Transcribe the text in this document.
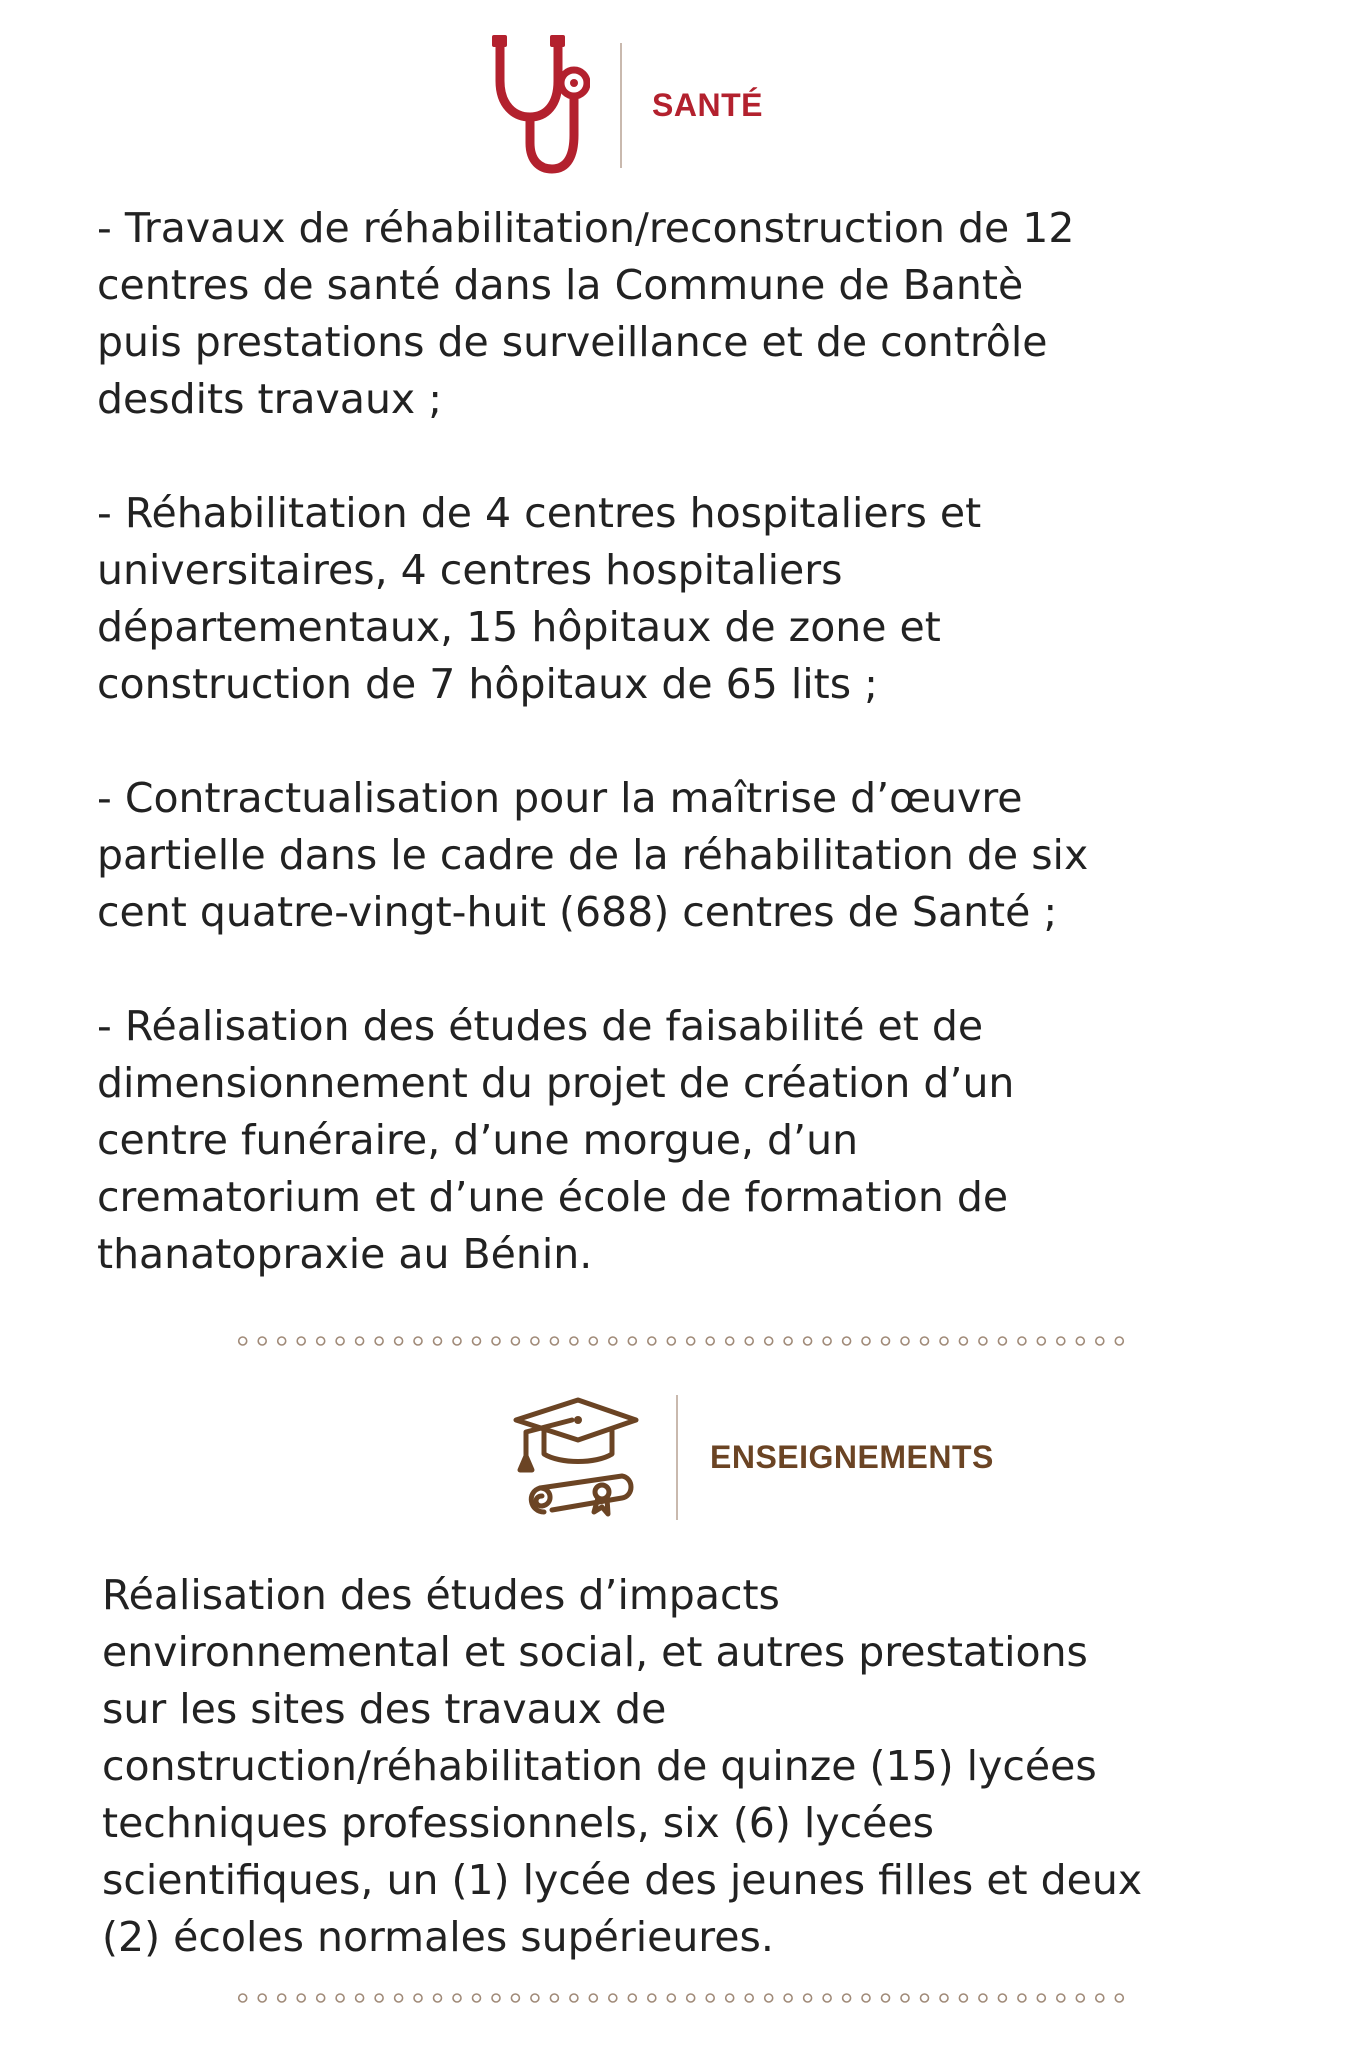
SANTÉ

- Travaux de réhabilitation/reconstruction de 12
centres de santé dans la Commune de Bantè
puis prestations de surveillance et de contrôle
desdits travaux ;

- Réhabilitation de 4 centres hospitaliers et
universitaires, 4 centres hospitaliers
départementaux, 15 hôpitaux de zone et
construction de 7 hôpitaux de 65 lits ;

- Contractualisation pour la maîtrise d’œuvre
partielle dans le cadre de la réhabilitation de six
cent quatre-vingt-huit (688) centres de Santé ;

- Réalisation des études de faisabilité et de
dimensionnement du projet de création d’un
centre funéraire, d’une morgue, d’un
crematorium et d’une école de formation de
thanatopraxie au Bénin.

ENSEIGNEMENTS

Réalisation des études d’impacts
environnemental et social, et autres prestations
sur les sites des travaux de
construction/réhabilitation de quinze (15) lycées
techniques professionnels, six (6) lycées
scientifiques, un (1) lycée des jeunes filles et deux
(2) écoles normales supérieures.
